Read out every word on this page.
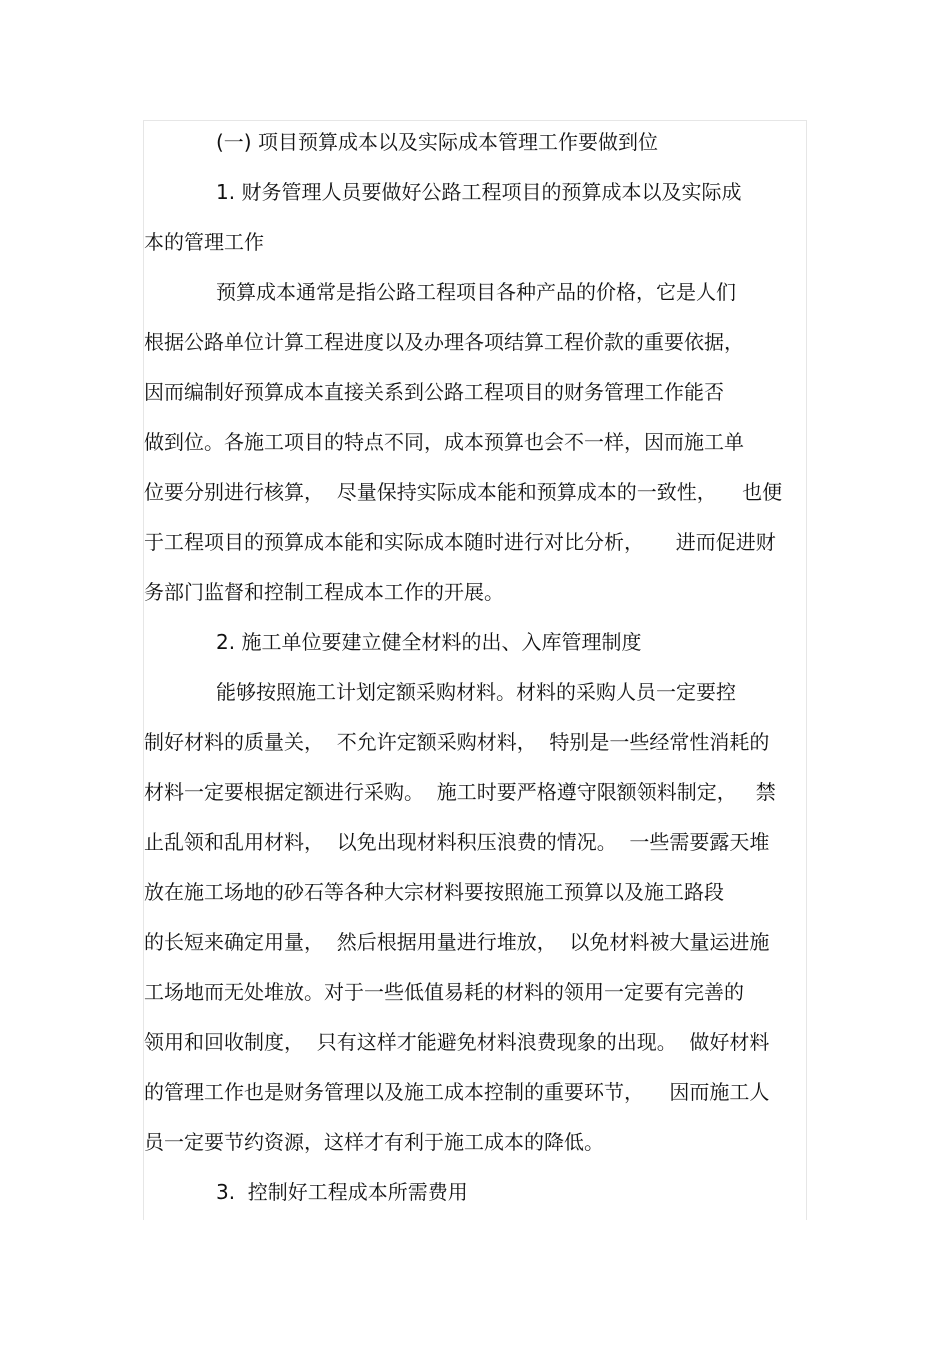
(一) 项目预算成本以及实际成本管理工作要做到位
1. 财务管理人员要做好公路工程项目的预算成本以及实际成
本的管理工作
预算成本通常是指公路工程项目各种产品的价格，它是人们
根据公路单位计算工程进度以及办理各项结算工程价款的重要依据，
因而编制好预算成本直接关系到公路工程项目的财务管理工作能否
做到位。各施工项目的特点不同，成本预算也会不一样，因而施工单
位要分别进行核算，  尽量保持实际成本能和预算成本的一致性，    也便
于工程项目的预算成本能和实际成本随时进行对比分析，     进而促进财
务部门监督和控制工程成本工作的开展。
2. 施工单位要建立健全材料的出、入库管理制度
能够按照施工计划定额采购材料。材料的采购人员一定要控
制好材料的质量关，  不允许定额采购材料，  特别是一些经常性消耗的
材料一定要根据定额进行采购。  施工时要严格遵守限额领料制定，   禁
止乱领和乱用材料，  以免出现材料积压浪费的情况。  一些需要露天堆
放在施工场地的砂石等各种大宗材料要按照施工预算以及施工路段
的长短来确定用量，  然后根据用量进行堆放，  以免材料被大量运进施
工场地而无处堆放。对于一些低值易耗的材料的领用一定要有完善的
领用和回收制度，  只有这样才能避免材料浪费现象的出现。  做好材料
的管理工作也是财务管理以及施工成本控制的重要环节，    因而施工人
员一定要节约资源，这样才有利于施工成本的降低。
3.  控制好工程成本所需费用
